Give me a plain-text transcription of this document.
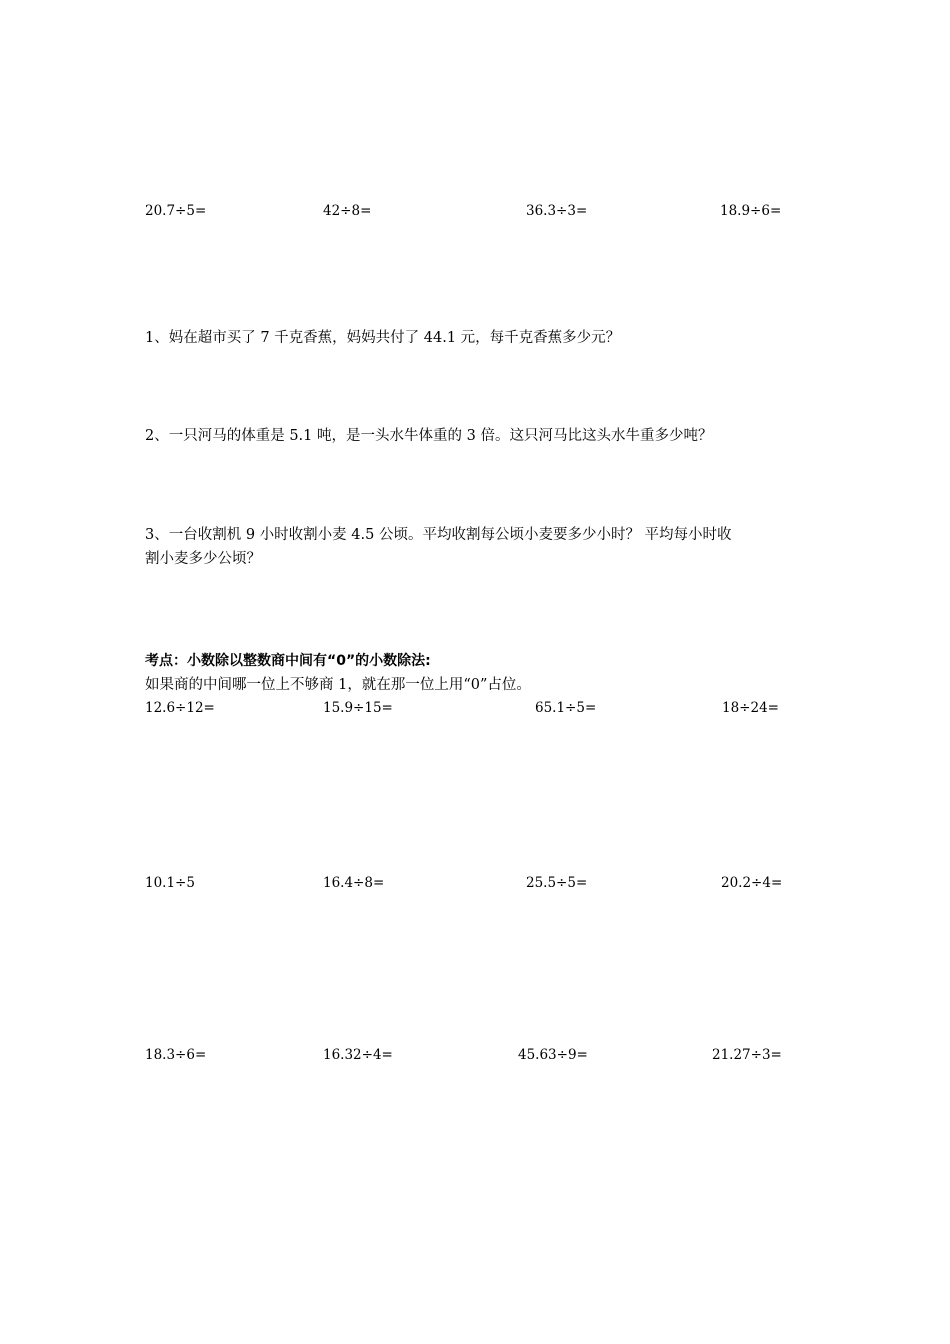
20.7÷5=	42÷8=	36.3÷3=	18.9÷6=
1、妈在超市买了 7 千克香蕉，妈妈共付了 44.1 元，每千克香蕉多少元？
2、一只河马的体重是 5.1 吨，是一头水牛体重的 3 倍。这只河马比这头水牛重多少吨？
3、一台收割机 9 小时收割小麦 4.5 公顷。平均收割每公顷小麦要多少小时？ 平均每小时收
割小麦多少公顷？
考点：小数除以整数商中间有“0”的小数除法:
如果商的中间哪一位上不够商 1，就在那一位上用“0”占位。
12.6÷12=	15.9÷15=	65.1÷5=	18÷24=
10.1÷5	16.4÷8=	25.5÷5=	20.2÷4=
18.3÷6=	16.32÷4=	45.63÷9=	21.27÷3=
